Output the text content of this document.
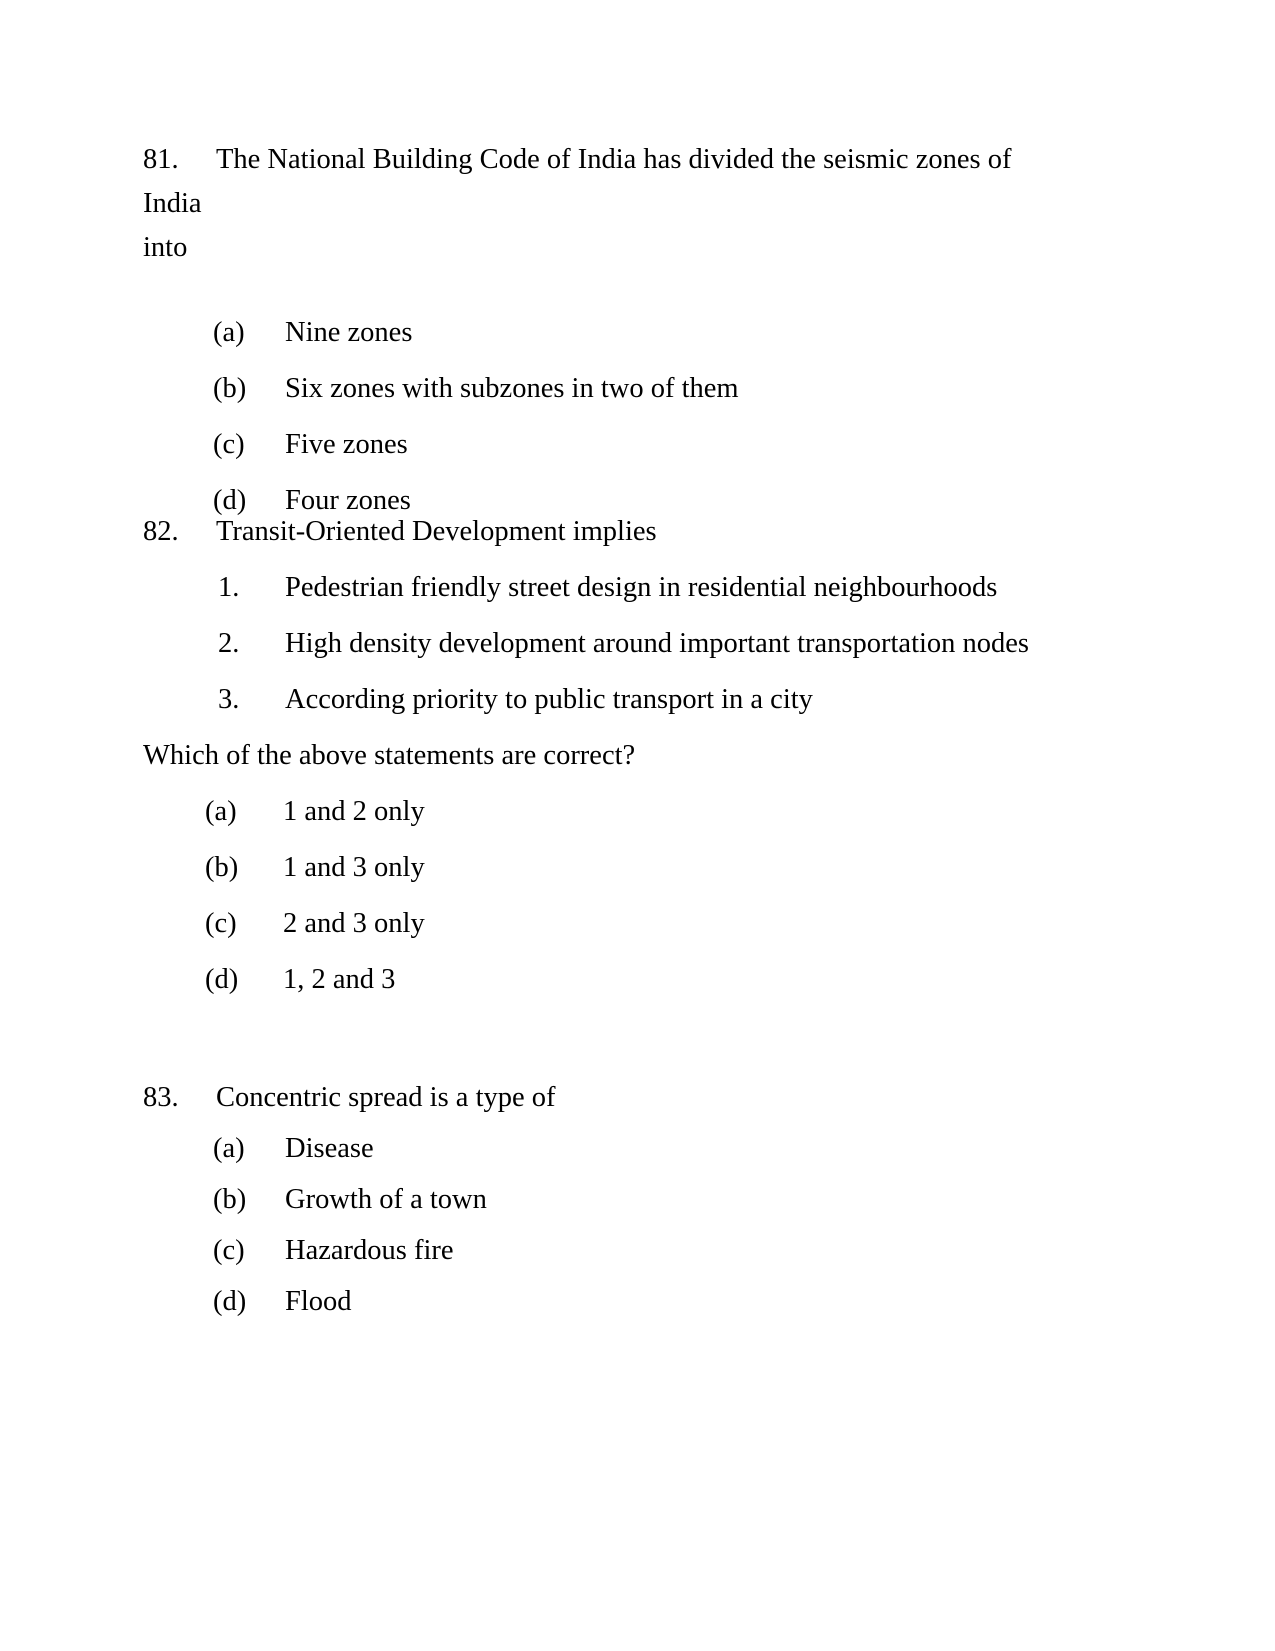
81. The National Building Code of India has divided the seismic zones of India
into
(a) Nine zones
(b) Six zones with subzones in two of them
(c) Five zones
(d) Four zones
82. Transit-Oriented Development implies
1. Pedestrian friendly street design in residential neighbourhoods
2. High density development around important transportation nodes
3. According priority to public transport in a city
Which of the above statements are correct?
(a) 1 and 2 only
(b) 1 and 3 only
(c) 2 and 3 only
(d) 1, 2 and 3
83. Concentric spread is a type of
(a) Disease
(b) Growth of a town
(c) Hazardous fire
(d) Flood
